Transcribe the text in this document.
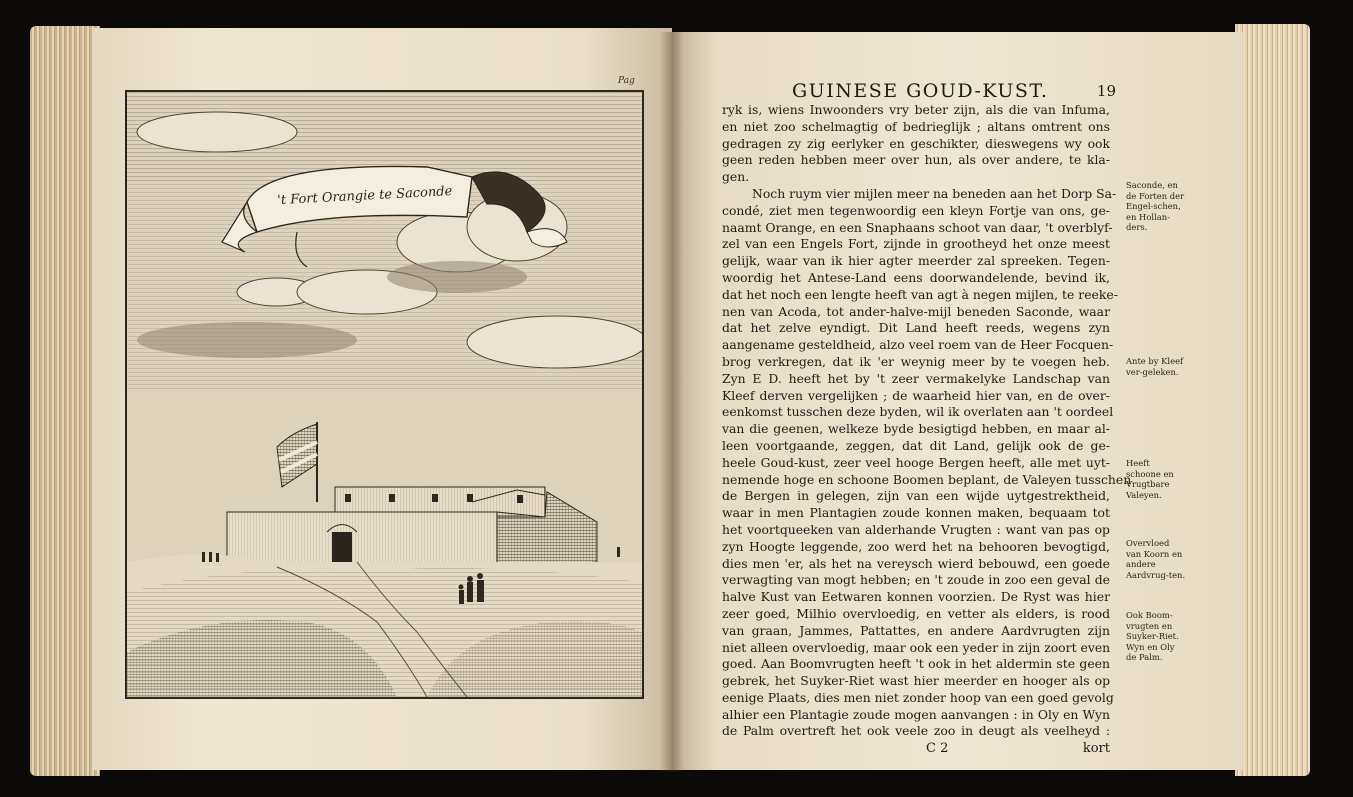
Pag
't Fort Orangie te Saconde
GUINESE GOUD-KUST.	19
ryk is, wiens Inwoonders vry beter zijn, als die van Infuma,
en niet zoo schelmagtig of bedrieglijk ; altans omtrent ons
gedragen zy zig eerlyker en geschikter, dieswegens wy ook
geen reden hebben meer over hun, als over andere, te kla-
gen.
Noch ruym vier mijlen meer na beneden aan het Dorp Sa-
condé, ziet men tegenwoordig een kleyn Fortje van ons, ge-
naamt Orange, en een Snaphaans schoot van daar, 't overblyf-
zel van een Engels Fort, zijnde in grootheyd het onze meest
gelijk, waar van ik hier agter meerder zal spreeken. Tegen-
woordig het Antese-Land eens doorwandelende, bevind ik,
dat het noch een lengte heeft van agt à negen mijlen, te reeke-
nen van Acoda, tot ander-halve-mijl beneden Saconde, waar
dat het zelve eyndigt. Dit Land heeft reeds, wegens zyn
aangename gesteldheid, alzo veel roem van de Heer Focquen-
brog verkregen, dat ik 'er weynig meer by te voegen heb.
Zyn E D. heeft het by 't zeer vermakelyke Landschap van
Kleef derven vergelijken ; de waarheid hier van, en de over-
eenkomst tusschen deze byden, wil ik overlaten aan 't oordeel
van die geenen, welkeze byde besigtigd hebben, en maar al-
leen voortgaande, zeggen, dat dit Land, gelijk ook de ge-
heele Goud-kust, zeer veel hooge Bergen heeft, alle met uyt-
nemende hoge en schoone Boomen beplant, de Valeyen tusschen
de Bergen in gelegen, zijn van een wijde uytgestrektheid,
waar in men Plantagien zoude konnen maken, bequaam tot
het voortqueeken van alderhande Vrugten : want van pas op
zyn Hoogte leggende, zoo werd het na behooren bevogtigd,
dies men 'er, als het na vereysch wierd bebouwd, een goede
verwagting van mogt hebben; en 't zoude in zoo een geval de
halve Kust van Eetwaren konnen voorzien. De Ryst was hier
zeer goed, Milhio overvloedig, en vetter als elders, is rood
van graan, Jammes, Pattattes, en andere Aardvrugten zijn
niet alleen overvloedig, maar ook een yeder in zijn zoort even
goed. Aan Boomvrugten heeft 't ook in het aldermin ste geen
gebrek, het Suyker-Riet wast hier meerder en hooger als op
eenige Plaats, dies men niet zonder hoop van een goed gevolg
alhier een Plantagie zoude mogen aanvangen : in Oly en Wyn
de Palm overtreft het ook veele zoo in deugt als veelheyd :
C 2	kort
Saconde, en de Forten der Engel-schen, en Hollan-ders.
Ante by Kleef ver-geleken.
Heeft schoone en Vrugtbare Valeyen.
Overvloed van Koorn en andere Aardvrug-ten.
Ook Boom-vrugten en Suyker-Riet. Wyn en Oly de Palm.
